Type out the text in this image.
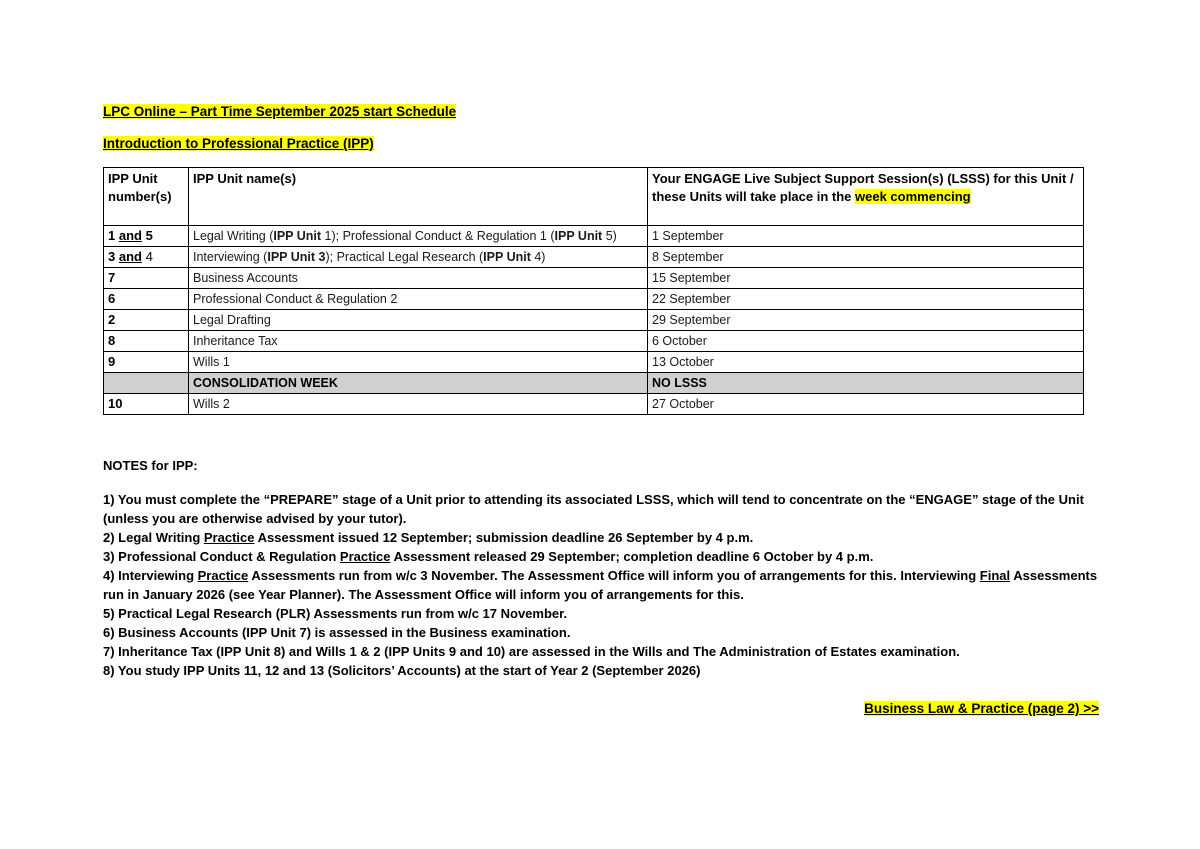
LPC Online – Part Time September 2025 start Schedule
Introduction to Professional Practice (IPP)
IPP Unit number(s)	IPP Unit name(s)	Your ENGAGE Live Subject Support Session(s) (LSSS) for this Unit / these Units will take place in the week commencing
1 and 5	Legal Writing (IPP Unit 1); Professional Conduct & Regulation 1 (IPP Unit 5)	1 September
3 and 4	Interviewing (IPP Unit 3); Practical Legal Research (IPP Unit 4)	8 September
7	Business Accounts	15 September
6	Professional Conduct & Regulation 2	22 September
2	Legal Drafting	29 September
8	Inheritance Tax	6 October
9	Wills 1	13 October
	CONSOLIDATION WEEK	NO LSSS
10	Wills 2	27 October
NOTES for IPP:

1) You must complete the “PREPARE” stage of a Unit prior to attending its associated LSSS, which will tend to concentrate on the “ENGAGE” stage of the Unit (unless you are otherwise advised by your tutor).

2) Legal Writing Practice Assessment issued 12 September; submission deadline 26 September by 4 p.m.

3) Professional Conduct & Regulation Practice Assessment released 29 September; completion deadline 6 October by 4 p.m.

4) Interviewing Practice Assessments run from w/c 3 November. The Assessment Office will inform you of arrangements for this. Interviewing Final Assessments run in January 2026 (see Year Planner). The Assessment Office will inform you of arrangements for this.

5) Practical Legal Research (PLR) Assessments run from w/c 17 November.

6) Business Accounts (IPP Unit 7) is assessed in the Business examination.

7) Inheritance Tax (IPP Unit 8) and Wills 1 & 2 (IPP Units 9 and 10) are assessed in the Wills and The Administration of Estates examination.

8) You study IPP Units 11, 12 and 13 (Solicitors’ Accounts) at the start of Year 2 (September 2026)

Business Law & Practice (page 2) >>
